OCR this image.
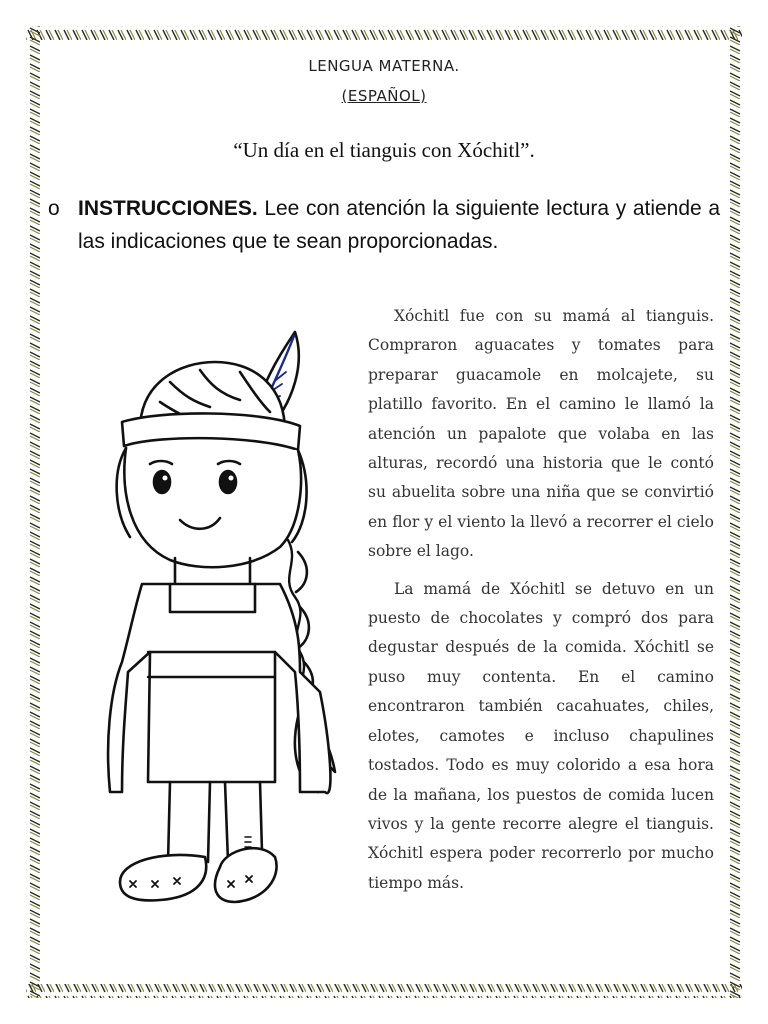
LENGUA MATERNA.
(ESPAÑOL)
“Un día en el tianguis con Xóchitl”.
o INSTRUCCIONES. Lee con atención la siguiente lectura y atiende a las indicaciones que te sean proporcionadas.

Xóchitl fue con su mamá al tianguis. Compraron aguacates y tomates para preparar guacamole en molcajete, su platillo favorito. En el camino le llamó la atención un papalote que volaba en las alturas, recordó una historia que le contó su abuelita sobre una niña que se convirtió en flor y el viento la llevó a recorrer el cielo sobre el lago.

La mamá de Xóchitl se detuvo en un puesto de chocolates y compró dos para degustar después de la comida. Xóchitl se puso muy contenta. En el camino encontraron también cacahuates, chiles, elotes, camotes e incluso chapulines tostados. Todo es muy colorido a esa hora de la mañana, los puestos de comida lucen vivos y la gente recorre alegre el tianguis. Xóchitl espera poder recorrerlo por mucho tiempo más.
